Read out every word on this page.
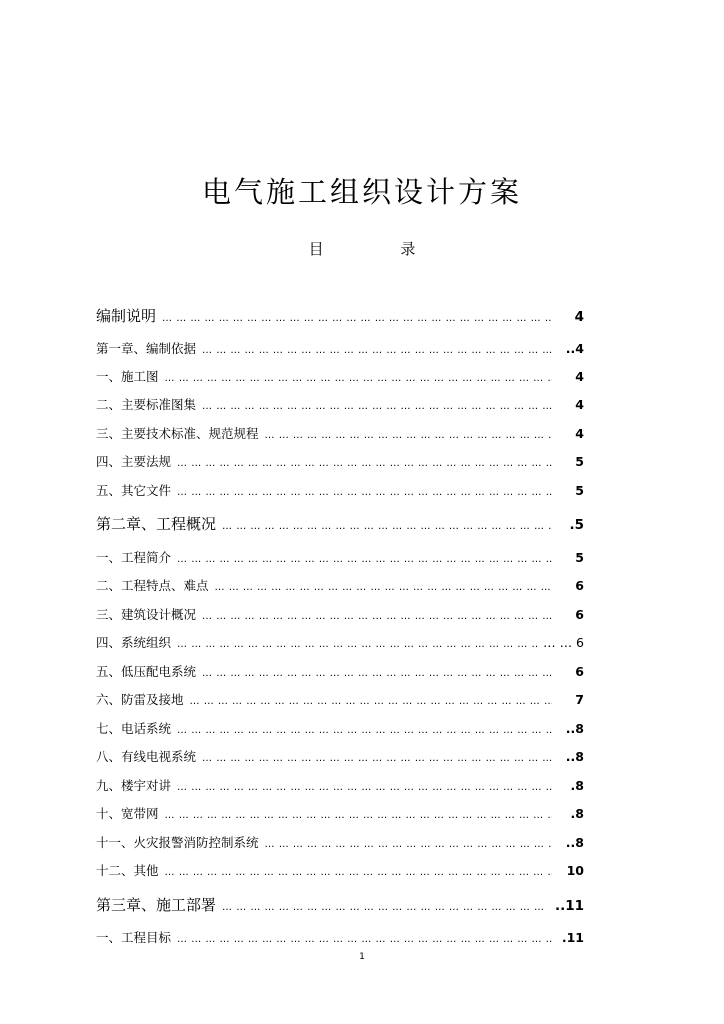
电气施工组织设计方案
目	录
编制说明 … … … … … … … … … … … … … … … … … … … … … … … … … … … … … … … … … … … … … … … … … … … … … … … … … … … … … … … … … … … … … … … … … … … … … …	4
第一章、编制依据 … … … … … … … … … … … … … … … … … … … … … … … … … … … … … … … … … … … … … … … … … … … … … … … … … … … … … … … … … … … … … … … … … … … … … …	..4
一、施工图 … … … … … … … … … … … … … … … … … … … … … … … … … … … … … … … … … … … … … … … … … … … … … … … … … … … … … … … … … … … … … … … … … … … … … …	4
二、主要标准图集 … … … … … … … … … … … … … … … … … … … … … … … … … … … … … … … … … … … … … … … … … … … … … … … … … … … … … … … … … … … … … … … … … … … … … …	4
三、主要技术标准、规范规程 … … … … … … … … … … … … … … … … … … … … … … … … … … … … … … … … … … … … … … … … … … … … … … … … … … … … … … … … … … … … … … … … … … … … … …	4
四、主要法规 … … … … … … … … … … … … … … … … … … … … … … … … … … … … … … … … … … … … … … … … … … … … … … … … … … … … … … … … … … … … … … … … … … … … … …	5
五、其它文件 … … … … … … … … … … … … … … … … … … … … … … … … … … … … … … … … … … … … … … … … … … … … … … … … … … … … … … … … … … … … … … … … … … … … … …	5
第二章、工程概况 … … … … … … … … … … … … … … … … … … … … … … … … … … … … … … … … … … … … … … … … … … … … … … … … … … … … … … … … … … … … … … … … … … … … … …	.5
一、工程简介 … … … … … … … … … … … … … … … … … … … … … … … … … … … … … … … … … … … … … … … … … … … … … … … … … … … … … … … … … … … … … … … … … … … … … …	5
二、工程特点、难点 … … … … … … … … … … … … … … … … … … … … … … … … … … … … … … … … … … … … … … … … … … … … … … … … … … … … … … … … … … … … … … … … … … … … … …	6
三、建筑设计概况 … … … … … … … … … … … … … … … … … … … … … … … … … … … … … … … … … … … … … … … … … … … … … … … … … … … … … … … … … … … … … … … … … … … … … …	6
四、系统组织 … … … … … … … … … … … … … … … … … … … … … … … … … … … … … … … … … … … … … … … … … … … … … … … … … … … … … … … … … … … … … … … … … … … … … …	… … 6
五、低压配电系统 … … … … … … … … … … … … … … … … … … … … … … … … … … … … … … … … … … … … … … … … … … … … … … … … … … … … … … … … … … … … … … … … … … … … … …	6
六、防雷及接地 … … … … … … … … … … … … … … … … … … … … … … … … … … … … … … … … … … … … … … … … … … … … … … … … … … … … … … … … … … … … … … … … … … … … … …	7
七、电话系统 … … … … … … … … … … … … … … … … … … … … … … … … … … … … … … … … … … … … … … … … … … … … … … … … … … … … … … … … … … … … … … … … … … … … … …	..8
八、有线电视系统 … … … … … … … … … … … … … … … … … … … … … … … … … … … … … … … … … … … … … … … … … … … … … … … … … … … … … … … … … … … … … … … … … … … … … …	..8
九、楼宇对讲 … … … … … … … … … … … … … … … … … … … … … … … … … … … … … … … … … … … … … … … … … … … … … … … … … … … … … … … … … … … … … … … … … … … … … …	.8
十、宽带网 … … … … … … … … … … … … … … … … … … … … … … … … … … … … … … … … … … … … … … … … … … … … … … … … … … … … … … … … … … … … … … … … … … … … … …	.8
十一、火灾报警消防控制系统 … … … … … … … … … … … … … … … … … … … … … … … … … … … … … … … … … … … … … … … … … … … … … … … … … … … … … … … … … … … … … … … … … … … … … …	..8
十二、其他 … … … … … … … … … … … … … … … … … … … … … … … … … … … … … … … … … … … … … … … … … … … … … … … … … … … … … … … … … … … … … … … … … … … … … …	10
第三章、施工部署 … … … … … … … … … … … … … … … … … … … … … … … … … … … … … … … … … … … … … … … … … … … … … … … … … … … … … … … … … … … … … … … … … … … … … …	..11
一、工程目标 … … … … … … … … … … … … … … … … … … … … … … … … … … … … … … … … … … … … … … … … … … … … … … … … … … … … … … … … … … … … … … … … … … … … … …	.11
1
